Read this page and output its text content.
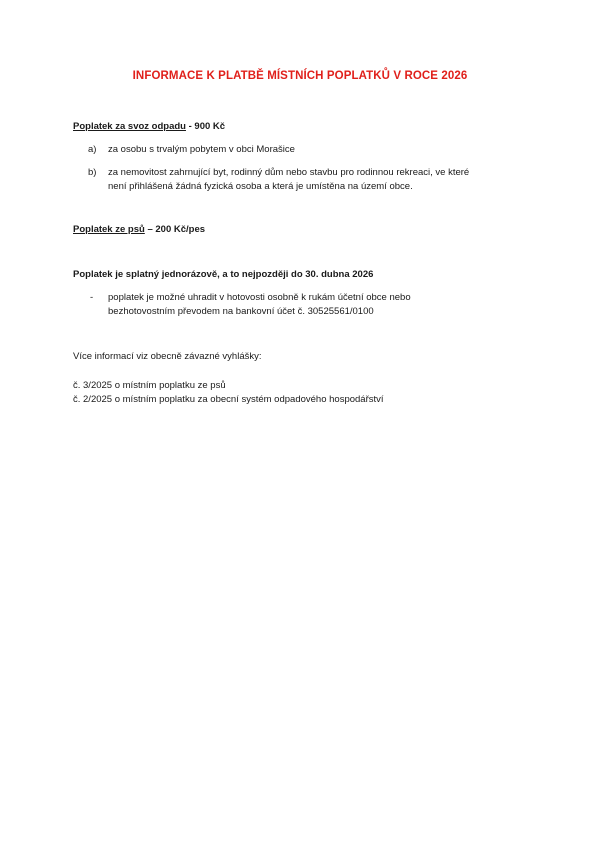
INFORMACE K PLATBĚ MÍSTNÍCH POPLATKŮ V ROCE 2026
Poplatek za svoz odpadu - 900 Kč
a) za osobu s trvalým pobytem v obci Morašice
b) za nemovitost zahrnující byt, rodinný dům nebo stavbu pro rodinnou rekreaci, ve které
není přihlášená žádná fyzická osoba a která je umístěna na území obce.
Poplatek ze psů – 200 Kč/pes
Poplatek je splatný jednorázově, a to nejpozději do 30. dubna 2026
- poplatek je možné uhradit v hotovosti osobně k rukám účetní obce nebo
bezhotovostním převodem na bankovní účet č. 30525561/0100
Více informací viz obecně závazné vyhlášky:
č. 3/2025 o místním poplatku ze psů
č. 2/2025 o místním poplatku za obecní systém odpadového hospodářství
